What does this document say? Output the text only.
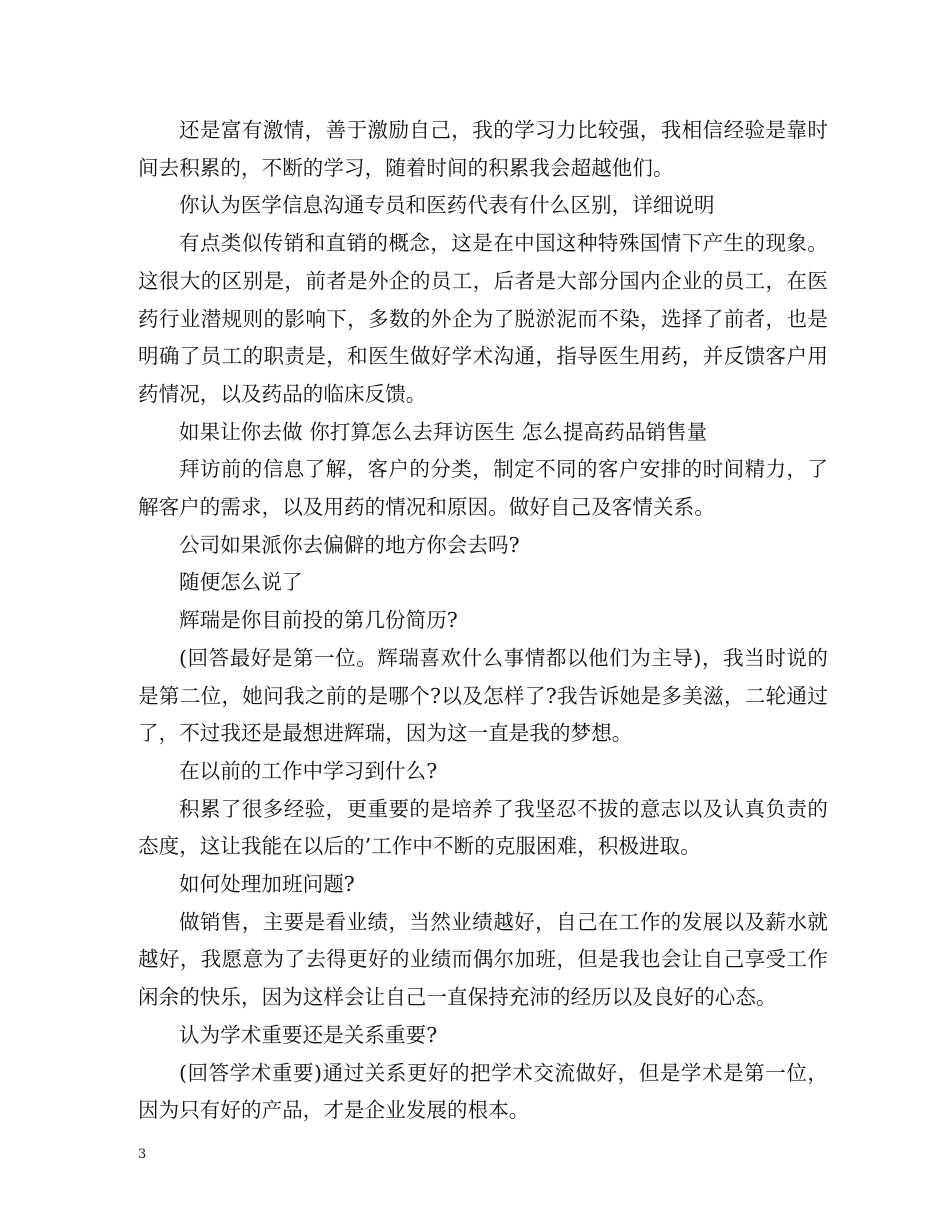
还是富有激情，善于激励自己，我的学习力比较强，我相信经验是靠时间去积累的，不断的学习，随着时间的积累我会超越他们。

你认为医学信息沟通专员和医药代表有什么区别，详细说明

有点类似传销和直销的概念，这是在中国这种特殊国情下产生的现象。这很大的区别是，前者是外企的员工，后者是大部分国内企业的员工，在医药行业潜规则的影响下，多数的外企为了脱淤泥而不染，选择了前者，也是明确了员工的职责是，和医生做好学术沟通，指导医生用药，并反馈客户用药情况，以及药品的临床反馈。

如果让你去做 你打算怎么去拜访医生 怎么提高药品销售量

拜访前的信息了解，客户的分类，制定不同的客户安排的时间精力，了解客户的需求，以及用药的情况和原因。做好自己及客情关系。

公司如果派你去偏僻的地方你会去吗?

随便怎么说了

辉瑞是你目前投的第几份简历?

(回答最好是第一位。辉瑞喜欢什么事情都以他们为主导)，我当时说的是第二位，她问我之前的是哪个?以及怎样了?我告诉她是多美滋，二轮通过了，不过我还是最想进辉瑞，因为这一直是我的梦想。

在以前的工作中学习到什么?

积累了很多经验，更重要的是培养了我坚忍不拔的意志以及认真负责的态度，这让我能在以后的’工作中不断的克服困难，积极进取。

如何处理加班问题?

做销售，主要是看业绩，当然业绩越好，自己在工作的发展以及薪水就越好，我愿意为了去得更好的业绩而偶尔加班，但是我也会让自己享受工作闲余的快乐，因为这样会让自己一直保持充沛的经历以及良好的心态。

认为学术重要还是关系重要?

(回答学术重要)通过关系更好的把学术交流做好，但是学术是第一位，因为只有好的产品，才是企业发展的根本。

3
